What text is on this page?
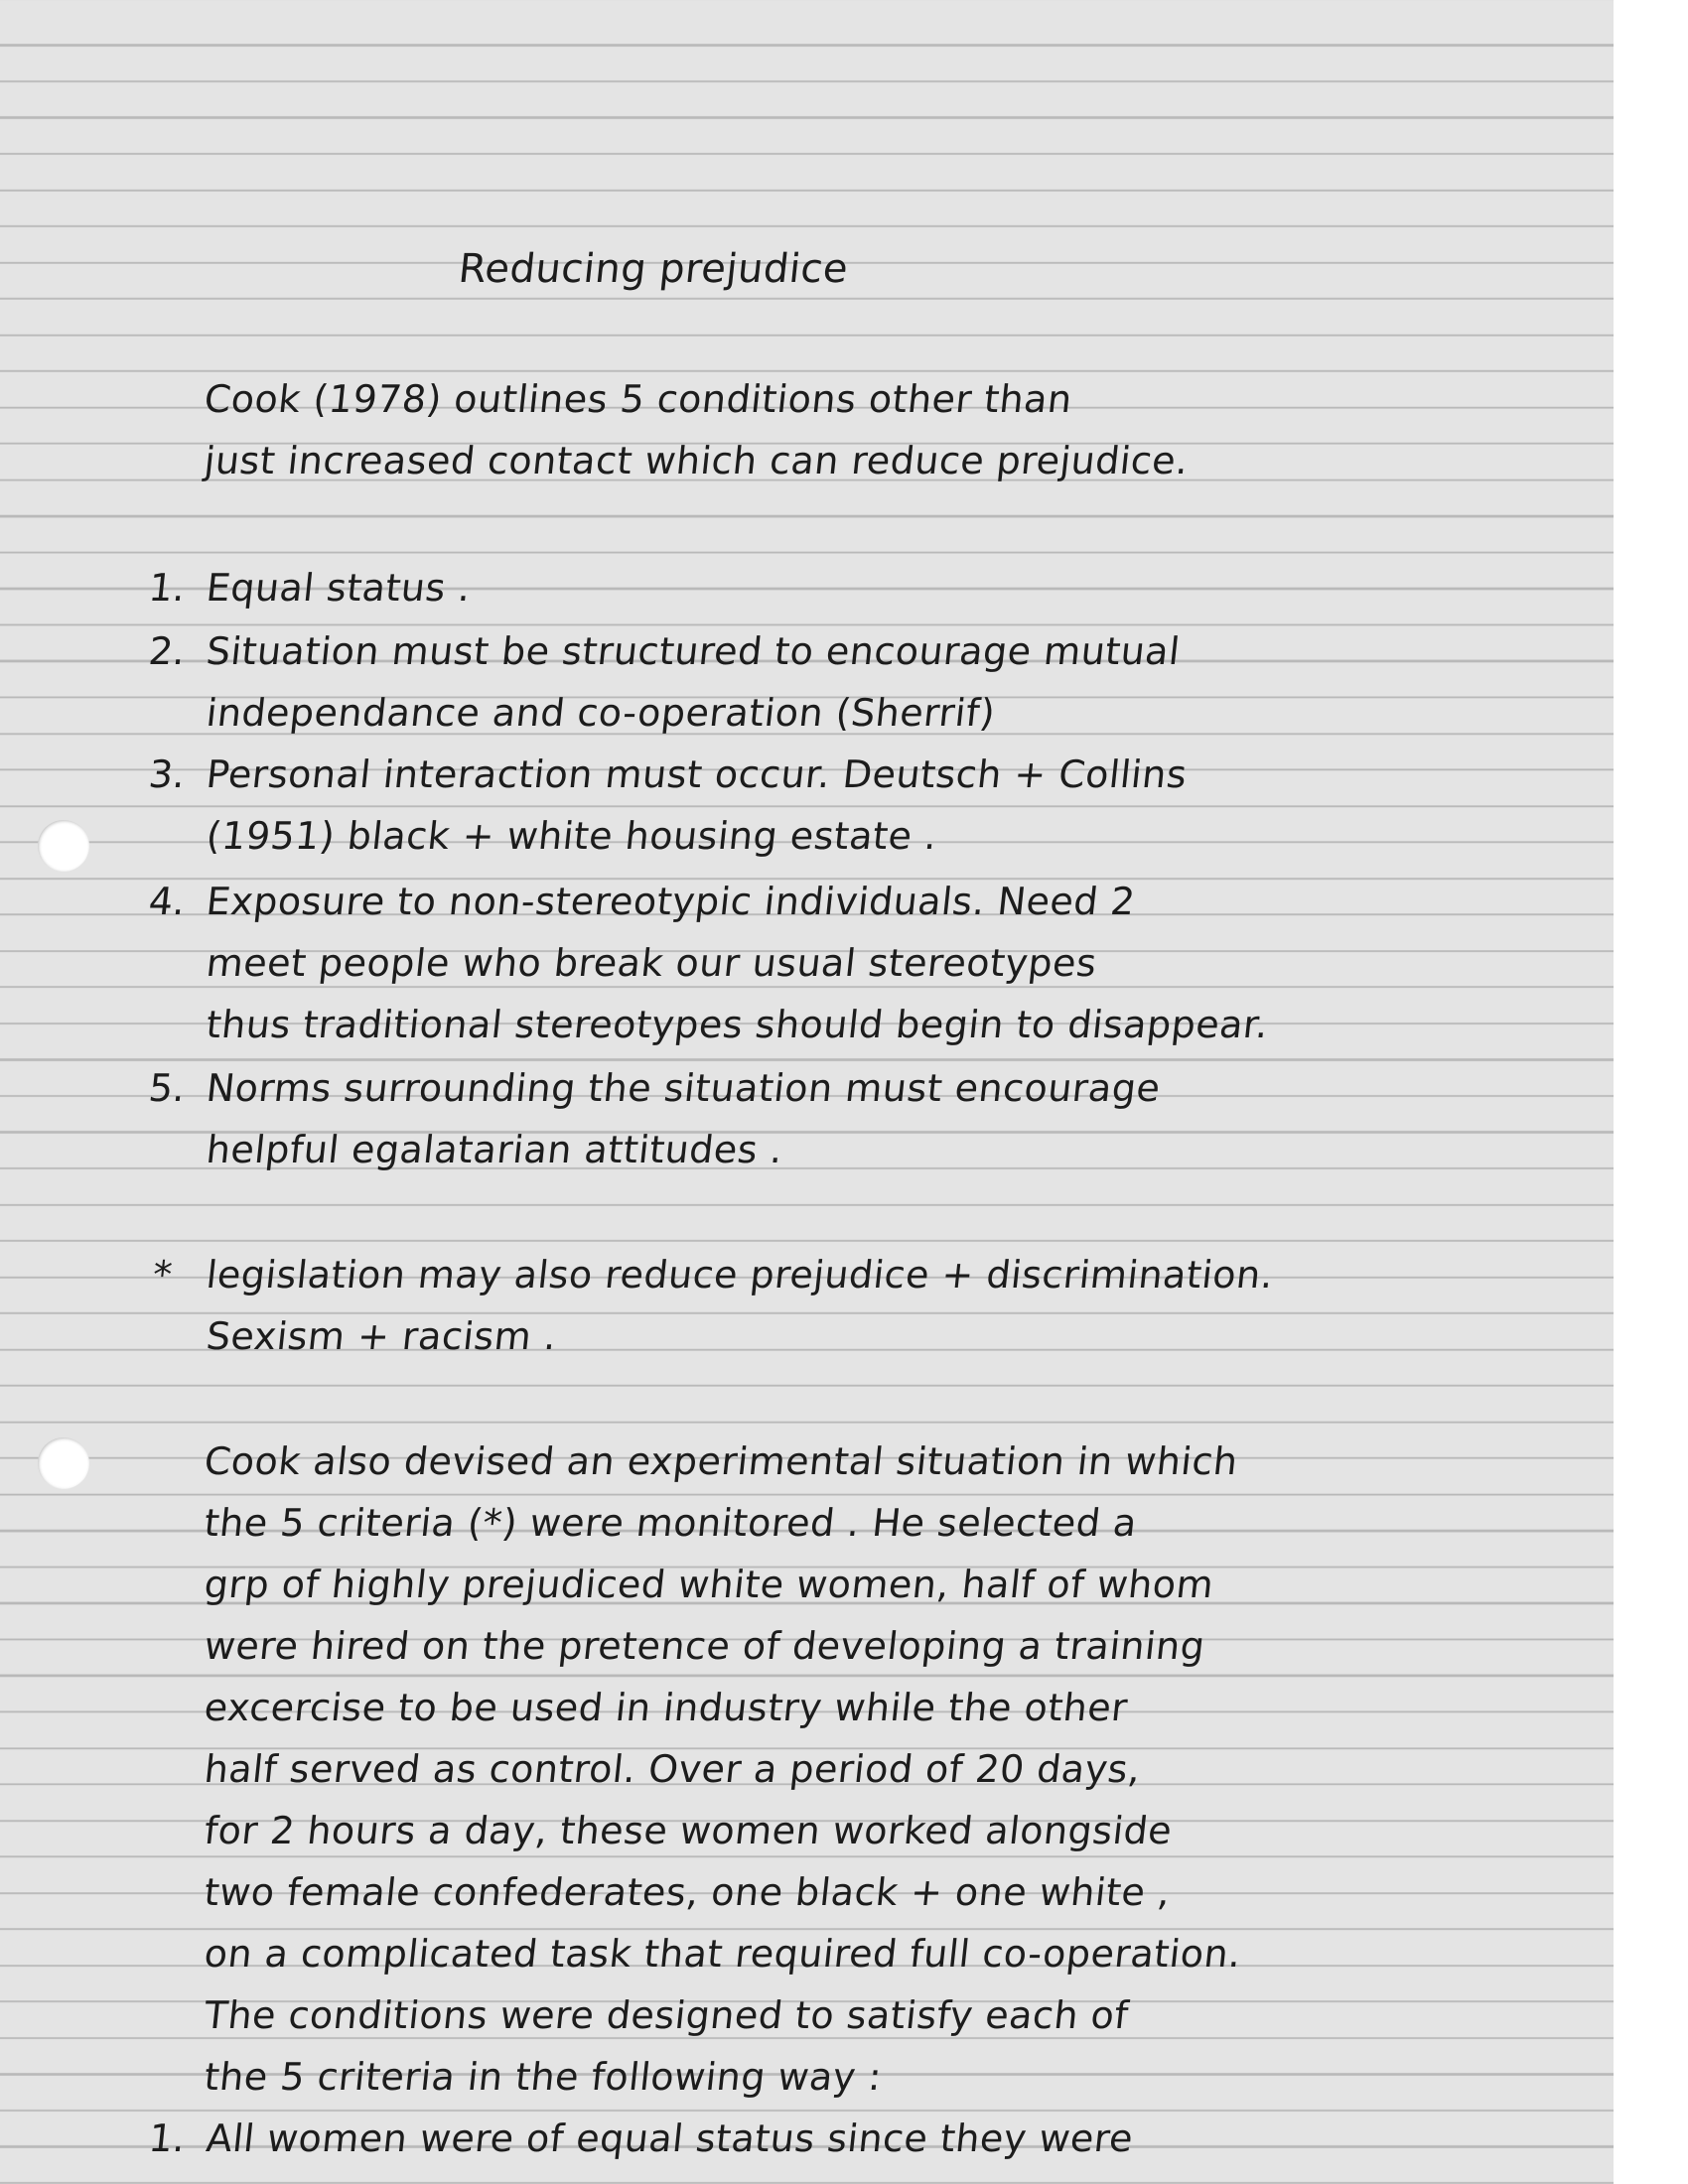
Reducing prejudice
Cook (1978) outlines 5 conditions other than
just increased contact which can reduce prejudice.
1. Equal status .
2. Situation must be structured to encourage mutual
independance and co-operation (Sherrif)
3. Personal interaction must occur. Deutsch + Collins
(1951) black + white housing estate .
4. Exposure to non-stereotypic individuals. Need 2
meet people who break our usual stereotypes
thus traditional stereotypes should begin to disappear.
5. Norms surrounding the situation must encourage
helpful egalatarian attitudes .
* legislation may also reduce prejudice + discrimination.
Sexism + racism .
Cook also devised an experimental situation in which
the 5 criteria (*) were monitored . He selected a
grp of highly prejudiced white women, half of whom
were hired on the pretence of developing a training
excercise to be used in industry while the other
half served as control. Over a period of 20 days,
for 2 hours a day, these women worked alongside
two female confederates, one black + one white ,
on a complicated task that required full co-operation.
The conditions were designed to satisfy each of
the 5 criteria in the following way :
1. All women were of equal status since they were
